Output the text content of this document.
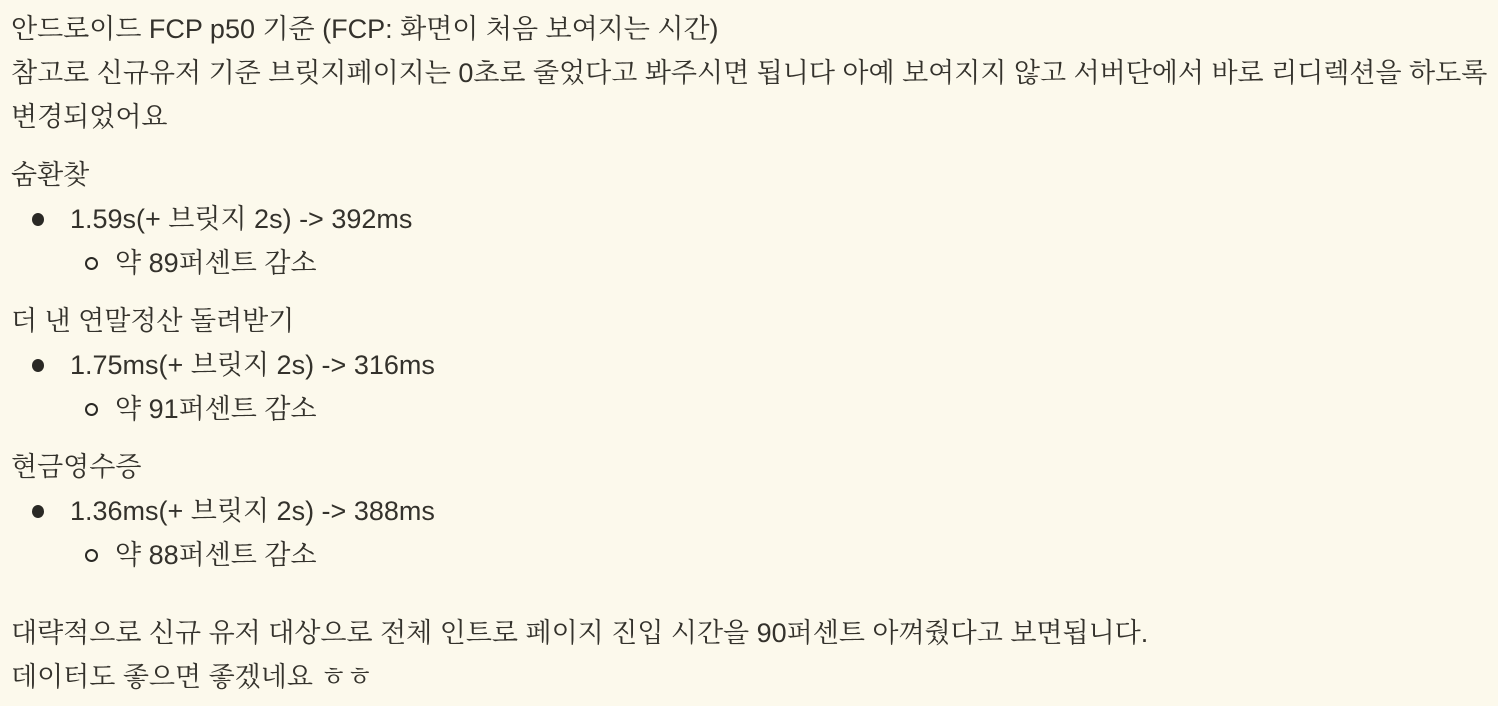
안드로이드 FCP p50 기준 (FCP: 화면이 처음 보여지는 시간)

참고로 신규유저 기준 브릿지페이지는 0초로 줄었다고 봐주시면 됩니다 아예 보여지지 않고 서버단에서 바로 리디렉션을 하도록 변경되었어요

숨환찾
1.59s(+ 브릿지 2s) -> 392ms
약 89퍼센트 감소
더 낸 연말정산 돌려받기
1.75ms(+ 브릿지 2s) -> 316ms
약 91퍼센트 감소
현금영수증
1.36ms(+ 브릿지 2s) -> 388ms
약 88퍼센트 감소

대략적으로 신규 유저 대상으로 전체 인트로 페이지 진입 시간을 90퍼센트 아껴줬다고 보면됩니다.

데이터도 좋으면 좋겠네요 ㅎㅎ
